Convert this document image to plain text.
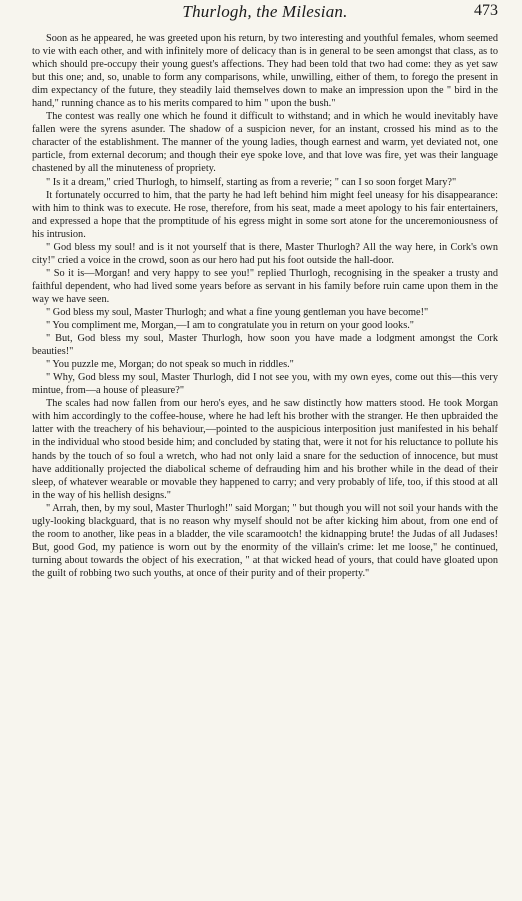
Thurlogh, the Milesian.	473

Soon as he appeared, he was greeted upon his return, by two interesting and youthful females, whom seemed to vie with each other, and with infinitely more of delicacy than is in general to be seen amongst that class, as to which should pre-occupy their young guest's affections. They had been told that two had come: they as yet saw but this one; and, so, unable to form any comparisons, while, unwilling, either of them, to forego the present in dim expectancy of the future, they steadily laid themselves down to make an impression upon the " bird in the hand," running chance as to his merits compared to him " upon the bush."

The contest was really one which he found it difficult to withstand; and in which he would inevitably have fallen were the syrens asunder. The shadow of a suspicion never, for an instant, crossed his mind as to the character of the establishment. The manner of the young ladies, though earnest and warm, yet deviated not, one particle, from external decorum; and though their eye spoke love, and that love was fire, yet was their language chastened by all the minuteness of propriety.

" Is it a dream," cried Thurlogh, to himself, starting as from a reverie; " can I so soon forget Mary?"

It fortunately occurred to him, that the party he had left behind him might feel uneasy for his disappearance: with him to think was to execute. He rose, therefore, from his seat, made a meet apology to his fair entertainers, and expressed a hope that the promptitude of his egress might in some sort atone for the unceremoniousness of his intrusion.

" God bless my soul! and is it not yourself that is there, Master Thurlogh? All the way here, in Cork's own city!" cried a voice in the crowd, soon as our hero had put his foot outside the hall-door.

" So it is—Morgan! and very happy to see you!" replied Thurlogh, recognising in the speaker a trusty and faithful dependent, who had lived some years before as servant in his family before ruin came upon them in the way we have seen.

" God bless my soul, Master Thurlogh; and what a fine young gentleman you have become!"

" You compliment me, Morgan,—I am to congratulate you in return on your good looks."

" But, God bless my soul, Master Thurlogh, how soon you have made a lodgment amongst the Cork beauties!"

" You puzzle me, Morgan; do not speak so much in riddles."

" Why, God bless my soul, Master Thurlogh, did I not see you, with my own eyes, come out this—this very mintue, from—a house of pleasure?"

The scales had now fallen from our hero's eyes, and he saw distinctly how matters stood. He took Morgan with him accordingly to the coffee-house, where he had left his brother with the stranger. He then upbraided the latter with the treachery of his behaviour,—pointed to the auspicious interposition just manifested in his behalf in the individual who stood beside him; and concluded by stating that, were it not for his reluctance to pollute his hands by the touch of so foul a wretch, who had not only laid a snare for the seduction of innocence, but must have additionally projected the diabolical scheme of defrauding him and his brother while in the dead of their sleep, of whatever wearable or movable they happened to carry; and very probably of life, too, if this stood at all in the way of his hellish designs."

" Arrah, then, by my soul, Master Thurlogh!" said Morgan; " but though you will not soil your hands with the ugly-looking blackguard, that is no reason why myself should not be after kicking him about, from one end of the room to another, like peas in a bladder, the vile scaramootch! the kidnapping brute! the Judas of all Judases! But, good God, my patience is worn out by the enormity of the villain's crime: let me loose," he continued, turning about towards the object of his execration, " at that wicked head of yours, that could have gloated upon the guilt of robbing two such youths, at once of their purity and of their property."
